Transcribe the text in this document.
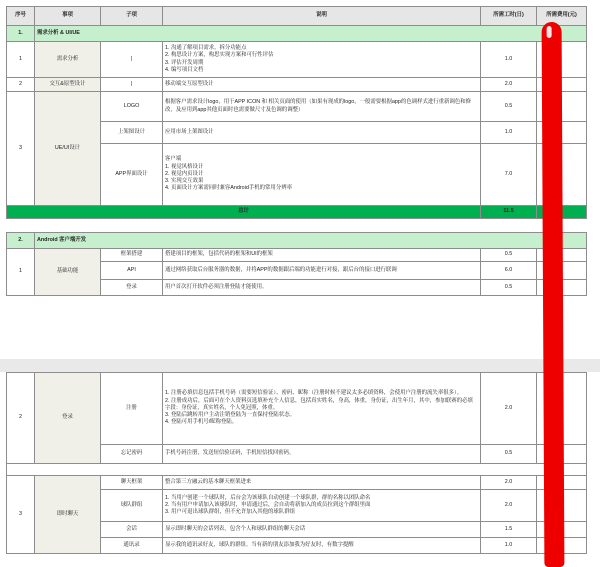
序号	事项	子项	说明	所需工时(日)	所需费用(元)
1.	需求分析 & UI/UE				
1	需求分析	|	1. 沟通了解项目需求，拆分功能点
2. 构思设计方案，构思实现方案和可行性评估
3. 评估开发周期
4. 编写项目文档	1.0	
2	交互&原型设计	|	移动端交互原型设计	2.0	
3	UE/UI设计	LOGO	根据客户需求设计logo，用于APP ICON 和 相关页面的使用（如果有现成的logo，一般需要根据app的色调样式进行重新调色和修改，及应用到app其他页面时也需要做尺寸及色调的调整）	0.5	
		上架图设计	应用市场上架图设计	1.0	
		APP界面设计	客户端
1. 视觉风格设计
2. 视觉内页设计
3. 实现交互效果
4. 页面设计方案需同时兼容Android手机的常用分辨率	7.0	
总计				11.5	

2.	Android 客户端开发				
1	基础功能	框架搭建	搭建项目的框架，包括代码的框架和UI的框架	0.5	
		API	通过网络获取后台服务器的数据，并将APP的数据跟后端的功能进行对接，跟后台的接口进行联调	6.0	
		登录	用户首次打开软件必须注册登陆才能使用。	0.5	
2	登录	注册	1. 注册必填信息包括手机号码（需要短信验证）、密码、昵称（注册时候不建议太多必填资料，会使用户注册的流失率很多）。
2. 注册成功后，后面可在个人资料页选填补充个人信息，包括真实姓名，身高，体重，身份证，出生年月，其中，参加联赛的必填字段：身份证，真实姓名，个人免冠照，体重。
3. 登陆后跳转用户主动注销登陆为一直保持登陆状态。
4. 登陆可用手机号/昵称登陆。	2.0	
		忘记密码	手机号码注册，发送短信验证码，手机短信找回密码。	0.5	

3	即时聊天	聊天框架	整合第三方融云的基本聊天框架进来	2.0	
		球队群组	1. 当用户创建一个球队时，后台会为该球队自动创建一个球队群，群的名称以团队命名
2. 当有用户申请加入该球队时，申请通过后，会自动将新加入的成员拉到这个群组里面
3. 用户可退出球队群组，但不允许加入其他的球队群组	2.0	
		会话	显示即时聊天的会话列表，包含个人和球队群组的聊天会话	1.5	
		通讯录	显示我的通讯录好友，球队的群组。当有新的朋友添加我为好友时，有数字提醒	1.0	
